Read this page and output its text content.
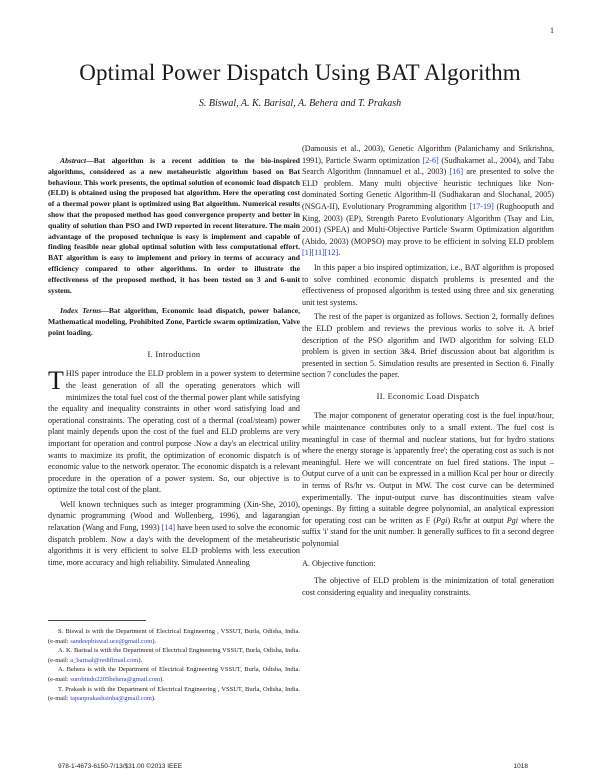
1
Optimal Power Dispatch Using BAT Algorithm
S. Biswal, A. K. Barisal, A. Behera and T. Prakash

Abstract—Bat algorithm is a recent addition to the bio-inspired algorithms, considered as a new metaheuristic algorithm based on Bat behaviour. This work presents, the optimal solution of economic load dispatch (ELD) is obtained using the proposed bat algorithm. Here the operating cost of a thermal power plant is optimized using Bat algorithm. Numerical results show that the proposed method has good convergence property and better in quality of solution than PSO and IWD reported in recent literature. The main advantage of the proposed technique is easy is implement and capable of finding feasible near global optimal solution with less computational effort. BAT algorithm is easy to implement and priory in terms of accuracy and efficiency compared to other algorithms. In order to illustrate the effectiveness of the proposed method, it has been tested on 3 and 6-unit system.

Index Terms—Bat algorithm, Economic load dispatch, power balance, Mathematical modeling, Prohibited Zone, Particle swarm optimization, Valve point loading.

I. Introduction

THIS paper introduce the ELD problem in a power system to determine the least generation of all the operating generators which will minimizes the total fuel cost of the thermal power plant while satisfying the equality and inequality constraints in other word satisfying load and operational constraints. The operating cost of a thermal (coal/steam) power plant mainly depends upon the cost of the fuel and ELD problems are very important for operation and control purpose .Now a day's an electrical utility wants to maximize its profit, the optimization of economic dispatch is of economic value to the network operator. The economic dispatch is a relevant procedure in the operation of a power system. So, our objective is to optimize the total cost of the plant.

Well known techniques such as integer programming (Xin-She, 2010), dynamic programming (Wood and Wollenberg, 1996), and lagarangian relaxation (Wang and Fung, 1993) [14] have been used to solve the economic dispatch problem. Now a day's with the development of the metaheuristic algorithms it is very efficient to solve ELD problems with less execution time, more accuracy and high reliability. Simulated Annealing

(Damousis et al., 2003), Genetic Algorithm (Palanichamy and Srikrishna, 1991), Particle Swarm optimization [2-6] (Sudhakarnet al., 2004), and Tabu Search Algorithm (Innnamuel et al., 2003) [16] are presented to solve the ELD problem. Many multi objective heuristic techniques like Non-dominated Sorting Genetic Algorithm-II (Sudhakaran and Slochanal, 2005) (NSGA-II), Evolutionary Programming algorithm [17-19] (Rughooputh and King, 2003) (EP), Strength Pareto Evolutionary Algorithm (Tsay and Lin, 2001) (SPEA) and Multi-Objective Particle Swarm Optimization algorithm (Abido, 2003) (MOPSO) may prove to be efficient in solving ELD problem [1][11][12].

In this paper a bio inspired optimization, i.e., BAT algorithm is proposed to solve combined economic dispatch problems is presented and the effectiveness of proposed algorithm is tested using three and six generating unit test systems.

The rest of the paper is organized as follows. Section 2, formally defines the ELD problem and reviews the previous works to solve it. A brief description of the PSO algorithm and IWD algorithm for solving ELD problem is given in section 3&4. Brief discussion about bat algorithm is presented in section 5. Simulation results are presented in Section 6. Finally section 7 concludes the paper.

II. Economic Load Dispatch

The major component of generator operating cost is the fuel input/hour, while maintenance contributes only to a small extent. The fuel cost is meaningful in case of thermal and nuclear stations, but for hydro stations where the energy storage is 'apparently free'; the operating cost as such is not meaningful. Here we will concentrate on fuel fired stations. The input – Output curve of a unit can be expressed in a million Kcal per hour or directly in terms of Rs/hr vs. Output in MW. The cost curve can be determined experimentally. The input-output curve has discontinuities steam valve openings. By fitting a suitable degree polynomial, an analytical expression for operating cost can be written as F (Pgi) Rs/hr at output Pgi where the suffix 'i' stand for the unit number. It generally suffices to fit a second degree polynomial

A. Objective function:

The objective of ELD problem is the minimization of total generation cost considering equality and inequality constraints.

S. Biswal is with the Department of Electrical Engineering , VSSUT, Burla, Odisha, India. (e-mail: sandeepbiswal.uce@gmail.com).

A. K. Barisal is with the Department of Electrical Engineering VSSUT, Burla, Odisha, India. (e-mail: a_barisal@rediffmail.com).

A. Behera is with the Department of Electrical Engineering VSSUT, Burla, Odisha, India. (e-mail: surobindo2205behera@gmail.com).

T. Prakash is with the Department of Electrical Engineering , VSSUT, Burla, Odisha, India. (e-mail: tapanprakashsinha@gmail.com).

978-1-4673-6150-7/13/$31.00 ©2013 IEEE	1018
